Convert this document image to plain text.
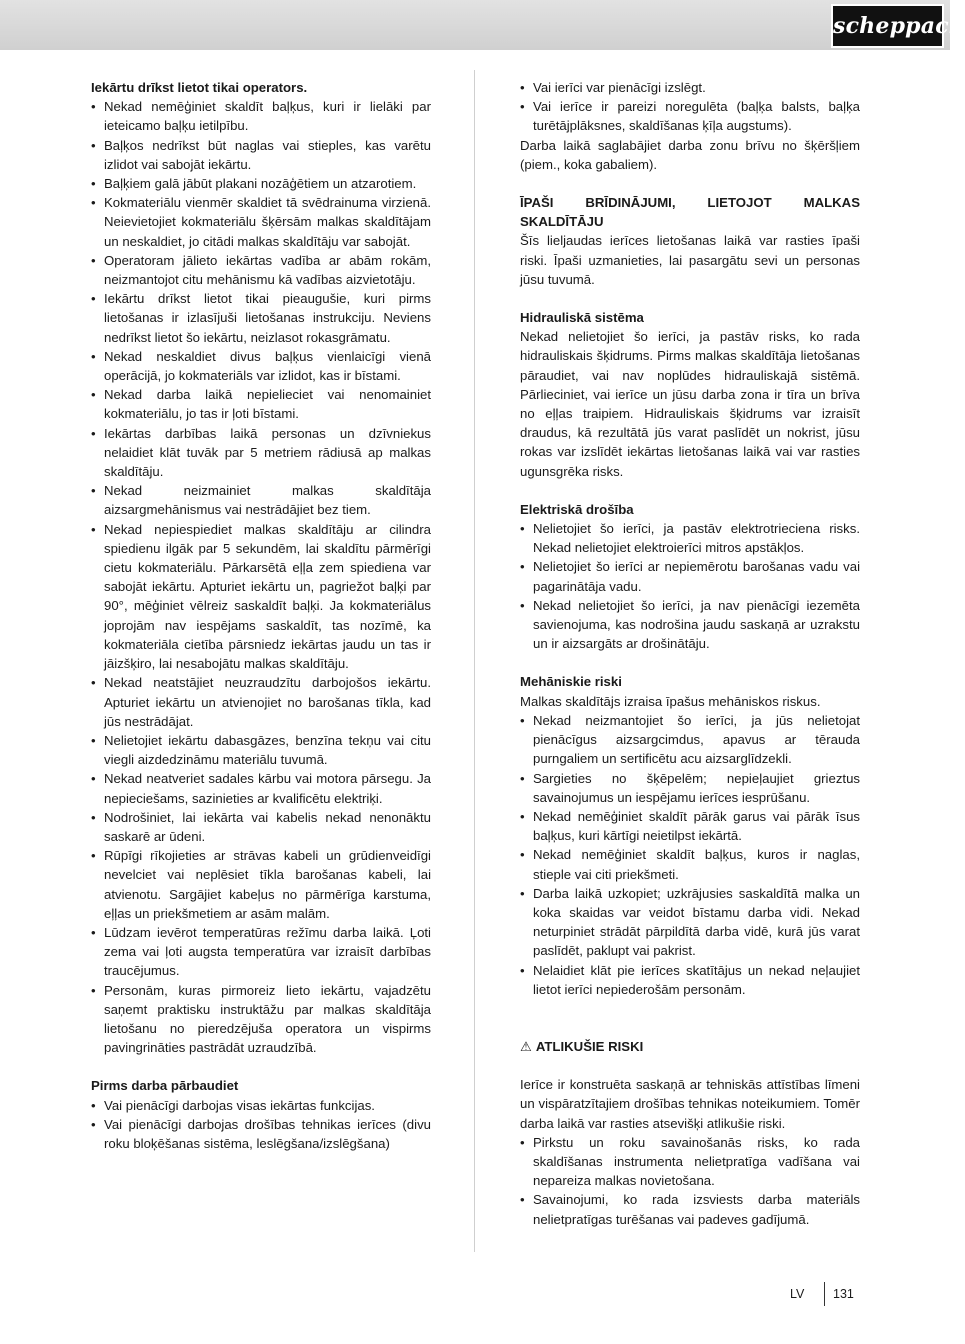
scheppach

Iekārtu drīkst lietot tikai operators.

• Nekad nemēģiniet skaldīt baļķus, kuri ir lielāki par ieteicamo baļķu ietilpību.
• Baļķos nedrīkst būt naglas vai stieples, kas varētu izlidot vai sabojāt iekārtu.
• Baļķiem galā jābūt plakani nozāģētiem un atzarotiem.
• Kokmateriālu vienmēr skaldiet tā svēdrainuma virzienā. Neievietojiet kokmateriālu šķērsām malkas skaldītājam un neskaldiet, jo citādi malkas skaldītāju var sabojāt.
• Operatoram jālieto iekārtas vadība ar abām rokām, neizmantojot citu mehānismu kā vadības aizvietotāju.
• Iekārtu drīkst lietot tikai pieaugušie, kuri pirms lietošanas ir izlasījuši lietošanas instrukciju. Neviens nedrīkst lietot šo iekārtu, neizlasot rokasgrāmatu.
• Nekad neskaldiet divus baļķus vienlaicīgi vienā operācijā, jo kokmateriāls var izlidot, kas ir bīstami.
• Nekad darba laikā nepielieciet vai nenomainiet kokmateriālu, jo tas ir ļoti bīstami.
• Iekārtas darbības laikā personas un dzīvniekus nelaidiet klāt tuvāk par 5 metriem rādiusā ap malkas skaldītāju.
• Nekad neizmainiet malkas skaldītāja aizsargmehānismus vai nestrādājiet bez tiem.
• Nekad nepiespiediet malkas skaldītāju ar cilindra spiedienu ilgāk par 5 sekundēm, lai skaldītu pārmērīgi cietu kokmateriālu. Pārkarsētā eļļa zem spiediena var sabojāt iekārtu. Apturiet iekārtu un, pagriežot baļķi par 90°, mēģiniet vēlreiz saskaldīt baļķi. Ja kokmateriālus joprojām nav iespējams saskaldīt, tas nozīmē, ka kokmateriāla cietība pārsniedz iekārtas jaudu un tas ir jāizšķiro, lai nesabojātu malkas skaldītāju.
• Nekad neatstājiet neuzraudzītu darbojošos iekārtu. Apturiet iekārtu un atvienojiet no barošanas tīkla, kad jūs nestrādājat.
• Nelietojiet iekārtu dabasgāzes, benzīna tekņu vai citu viegli aizdedzināmu materiālu tuvumā.
• Nekad neatveriet sadales kārbu vai motora pārsegu. Ja nepieciešams, sazinieties ar kvalificētu elektriķi.
• Nodrošiniet, lai iekārta vai kabelis nekad nenonāktu saskarē ar ūdeni.
• Rūpīgi rīkojieties ar strāvas kabeli un grūdienveidīgi nevelciet vai neplēsiet tīkla barošanas kabeli, lai atvienotu. Sargājiet kabeļus no pārmērīga karstuma, eļļas un priekšmetiem ar asām malām.
• Lūdzam ievērot temperatūras režīmu darba laikā. Ļoti zema vai ļoti augsta temperatūra var izraisīt darbības traucējumus.
• Personām, kuras pirmoreiz lieto iekārtu, vajadzētu saņemt praktisku instruktāžu par malkas skaldītāja lietošanu no pieredzējuša operatora un vispirms pavingrināties pastrādāt uzraudzībā.

Pirms darba pārbaudiet

• Vai pienācīgi darbojas visas iekārtas funkcijas.
• Vai pienācīgi darbojas drošības tehnikas ierīces (divu roku bloķēšanas sistēma, leslēgšana/izslēgšana)
• Vai ierīci var pienācīgi izslēgt.
• Vai ierīce ir pareizi noregulēta (baļķa balsts, baļķa turētājplāksnes, skaldīšanas ķīļa augstums).

Darba laikā saglabājiet darba zonu brīvu no šķēršļiem (piem., koka gabaliem).

ĪPAŠI BRĪDINĀJUMI, LIETOJOT MALKAS SKALDĪTĀJU

Šīs lieljaudas ierīces lietošanas laikā var rasties īpaši riski. Īpaši uzmanieties, lai pasargātu sevi un personas jūsu tuvumā.

Hidrauliskā sistēma

Nekad nelietojiet šo ierīci, ja pastāv risks, ko rada hidrauliskais šķidrums. Pirms malkas skaldītāja lietošanas pāraudiet, vai nav noplūdes hidrauliskajā sistēmā. Pārlieciniet, vai ierīce un jūsu darba zona ir tīra un brīva no eļļas traipiem. Hidrauliskais šķidrums var izraisīt draudus, kā rezultātā jūs varat paslīdēt un nokrist, jūsu rokas var izslīdēt iekārtas lietošanas laikā vai var rasties ugunsgrēka risks.

Elektriskā drošība

• Nelietojiet šo ierīci, ja pastāv elektrotrieciena risks. Nekad nelietojiet elektroierīci mitros apstākļos.
• Nelietojiet šo ierīci ar nepiemērotu barošanas vadu vai pagarinātāja vadu.
• Nekad nelietojiet šo ierīci, ja nav pienācīgi iezemēta savienojuma, kas nodrošina jaudu saskaņā ar uzrakstu un ir aizsargāts ar drošinātāju.

Mehāniskie riski

Malkas skaldītājs izraisa īpašus mehāniskos riskus.

• Nekad neizmantojiet šo ierīci, ja jūs nelietojat pienācīgus aizsargcimdus, apavus ar tērauda purngaliem un sertificētu acu aizsarglīdzekli.
• Sargieties no šķēpelēm; nepieļaujiet grieztus savainojumus un iespējamu ierīces iesprūšanu.
• Nekad nemēģiniet skaldīt pārāk garus vai pārāk īsus baļķus, kuri kārtīgi neietilpst iekārtā.
• Nekad nemēģiniet skaldīt baļķus, kuros ir naglas, stieple vai citi priekšmeti.
• Darba laikā uzkopiet; uzkrājusies saskaldītā malka un koka skaidas var veidot bīstamu darba vidi. Nekad neturpiniet strādāt pārpildītā darba vidē, kurā jūs varat paslīdēt, paklupt vai pakrist.
• Nelaidiet klāt pie ierīces skatītājus un nekad neļaujiet lietot ierīci nepiederošām personām.

⚠ ATLIKUŠIE RISKI

Ierīce ir konstruēta saskaņā ar tehniskās attīstības līmeni un vispāratzītajiem drošības tehnikas noteikumiem. Tomēr darba laikā var rasties atsevišķi atlikušie riski.

• Pirkstu un roku savainošanās risks, ko rada skaldīšanas instrumenta nelietpratīga vadīšana vai nepareiza malkas novietošana.
• Savainojumi, ko rada izsviests darba materiāls nelietpratīgas turēšanas vai padeves gadījumā.
LV	131
